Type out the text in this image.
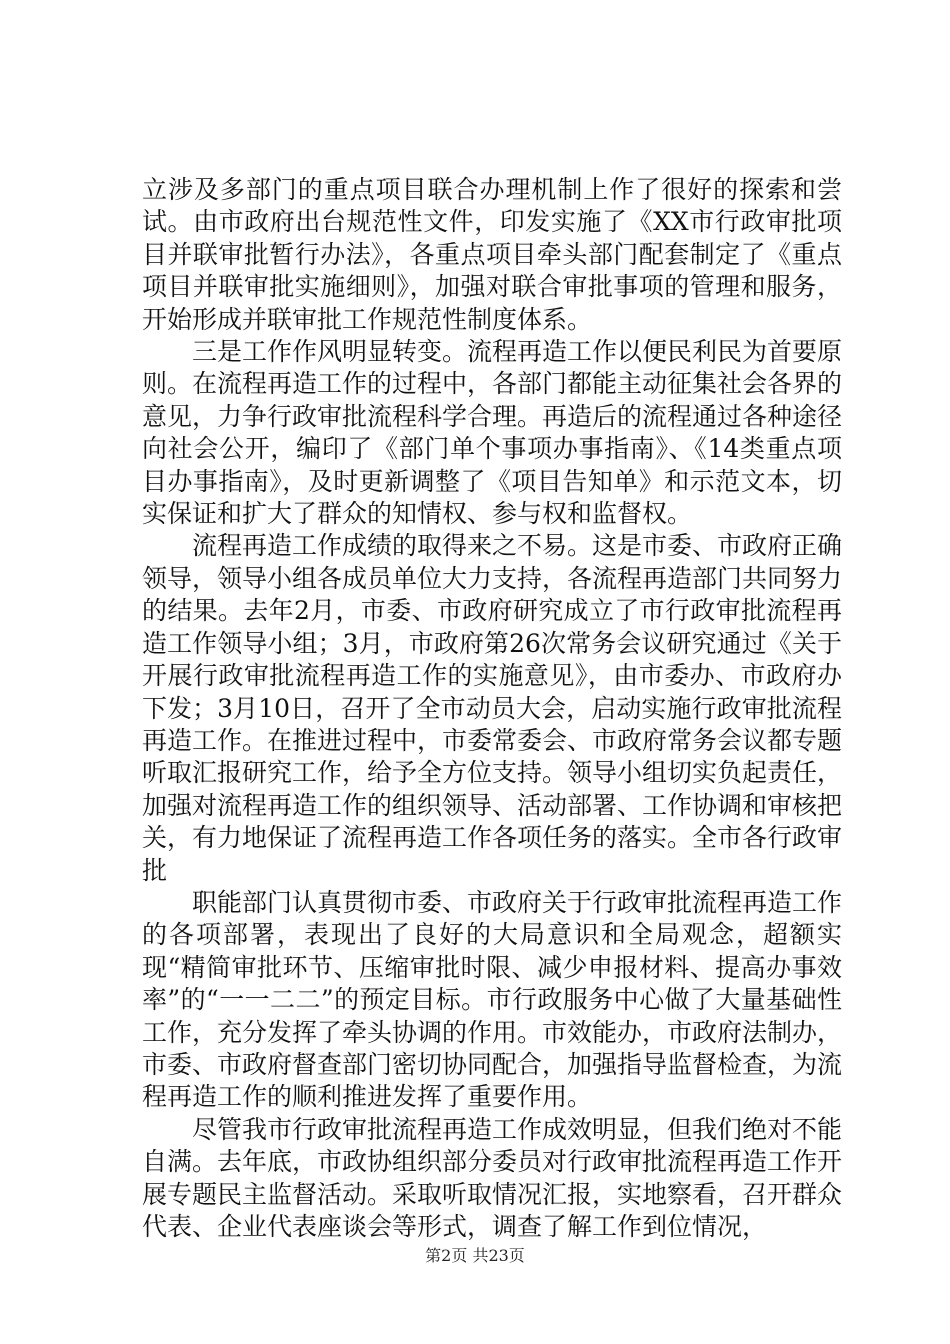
立涉及多部门的重点项目联合办理机制上作了很好的探索和尝试。由市政府出台规范性文件，印发实施了《XX市行政审批项目并联审批暂行办法》，各重点项目牵头部门配套制定了《重点项目并联审批实施细则》，加强对联合审批事项的管理和服务，开始形成并联审批工作规范性制度体系。

三是工作作风明显转变。流程再造工作以便民利民为首要原则。在流程再造工作的过程中，各部门都能主动征集社会各界的意见，力争行政审批流程科学合理。再造后的流程通过各种途径向社会公开，编印了《部门单个事项办事指南》、《14类重点项目办事指南》，及时更新调整了《项目告知单》和示范文本，切实保证和扩大了群众的知情权、参与权和监督权。

流程再造工作成绩的取得来之不易。这是市委、市政府正确领导，领导小组各成员单位大力支持，各流程再造部门共同努力的结果。去年2月，市委、市政府研究成立了市行政审批流程再造工作领导小组；3月，市政府第26次常务会议研究通过《关于开展行政审批流程再造工作的实施意见》，由市委办、市政府办下发；3月10日，召开了全市动员大会，启动实施行政审批流程再造工作。在推进过程中，市委常委会、市政府常务会议都专题听取汇报研究工作，给予全方位支持。领导小组切实负起责任，加强对流程再造工作的组织领导、活动部署、工作协调和审核把关，有力地保证了流程再造工作各项任务的落实。全市各行政审批

职能部门认真贯彻市委、市政府关于行政审批流程再造工作的各项部署，表现出了良好的大局意识和全局观念，超额实现“精简审批环节、压缩审批时限、减少申报材料、提高办事效率”的“一一二二”的预定目标。市行政服务中心做了大量基础性工作，充分发挥了牵头协调的作用。市效能办，市政府法制办，市委、市政府督查部门密切协同配合，加强指导监督检查，为流程再造工作的顺利推进发挥了重要作用。

尽管我市行政审批流程再造工作成效明显，但我们绝对不能自满。去年底，市政协组织部分委员对行政审批流程再造工作开展专题民主监督活动。采取听取情况汇报，实地察看，召开群众代表、企业代表座谈会等形式，调查了解工作到位情况，

第2页 共23页
